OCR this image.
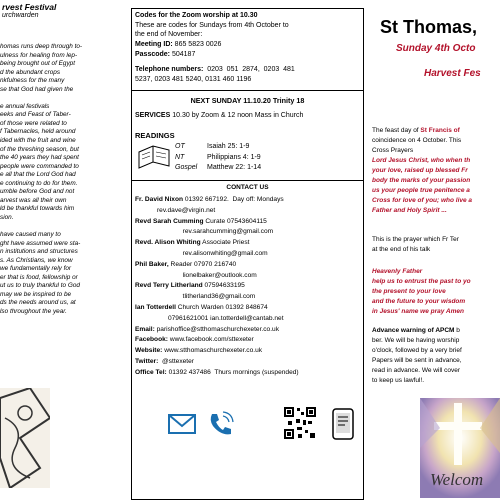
rvest Festival
urchwarden
homas runs deep through to-
ulness for healing from lep-
being brought out of Egypt
d the abundant crops
nkfulness for the many
se that God had given the
e annual festivals
eeks and Feast of Taber-
of those were related to
f Tabernacles, held around
ided with the fruit and wine
of the threshing season, but
the 40 years they had spent
people were commanded to
e all that the Lord God had
e continuing to do for them.
umble before God and not
arvest was all their own
ld be thankful towards him
sion.
have caused many to
ght have assumed were sta-
n institutions and structures
s. As Christians, we know
we fundamentally rely for
er that is food, fellowship or
ut us to truly thankful to God
may we be inspired to be
ds the needs around us, at
lso throughout the year.
Codes for the Zoom worship at 10.30
These are codes for Sundays from 4th October to
the end of November:
Meeting ID: 865 5823 0026
Passcode: 504187
Telephone numbers:  0203  051  2874,  0203  481
5237, 0203 481 5240, 0131 460 1196
NEXT SUNDAY 11.10.20 Trinity 18
SERVICES 10.30 by Zoom & 12 noon Mass in Church
READINGS
OT	Isaiah 25: 1-9
NT	Philippians 4: 1-9
Gospel Matthew 22: 1-14
CONTACT US
Fr. David Nixon 01392 667192.  Day off: Mondays
rev.dave@virgin.net
Revd Sarah Cumming Curate 07543604115
rev.sarahcumming@gmail.com
Revd. Alison Whiting Associate Priest
rev.alisonwhiting@gmail.com
Phil Baker, Reader 07970 216740
lionelbaker@outlook.com
Revd Terry Litherland 07594633195
tlitherland36@gmail.com
Ian Totterdell Church Warden 01392 848674
07961621001 ian.totterdell@cantab.net
Email: parishoffice@stthomaschurchexeter.co.uk
Facebook: www.facebook.com/sttexeter
Website: www.stthomaschurchexeter.co.uk
Twitter:  @sttexeter
Office Tel: 01392 437486  Thurs mornings (suspended)
St Thomas,
Sunday 4th Octo
Harvest Fes
The feast day of St Francis of
coincidence on 4 October. This
Cross Prayers
Lord Jesus Christ, who when th
your love, raised up blessed Fr
body the marks of your passion
us your people true penitence a
Cross for love of you; who live a
Father and Holy Spirit ...
This is the prayer which Fr Ter
at the end of his talk
Heavenly Father
help us to entrust the past to yo
the present to your love
and the future to your wisdom
in Jesus' name we pray Amen
Advance warning of APCM b
ber. We will be having worship
o'clock, followed by a very brief
Papers will be sent in advance,
read in advance. We will cover
to keep us lawful!.
Welcom
